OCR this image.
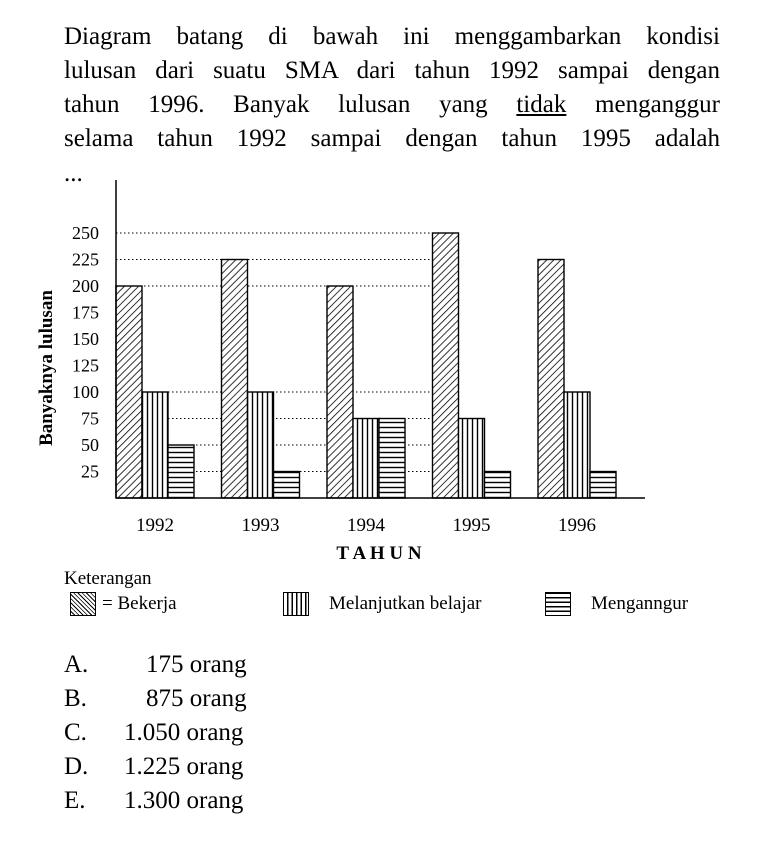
Diagram batang di bawah ini menggambarkan kondisi
lulusan dari suatu SMA dari tahun 1992 sampai dengan
tahun 1996. Banyak lulusan yang tidak menganggur
selama tahun 1992 sampai dengan tahun 1995 adalah
...
25
50
75
100
125
150
175
200
225
250
1992	1993	1994	1995	1996
Banyaknya lulusan
T A H U N
Keterangan
= Bekerja	Melanjutkan belajar	Menganngur
A.	175 orang
B.	875 orang
C.	1.050 orang
D.	1.225 orang
E.	1.300 orang
